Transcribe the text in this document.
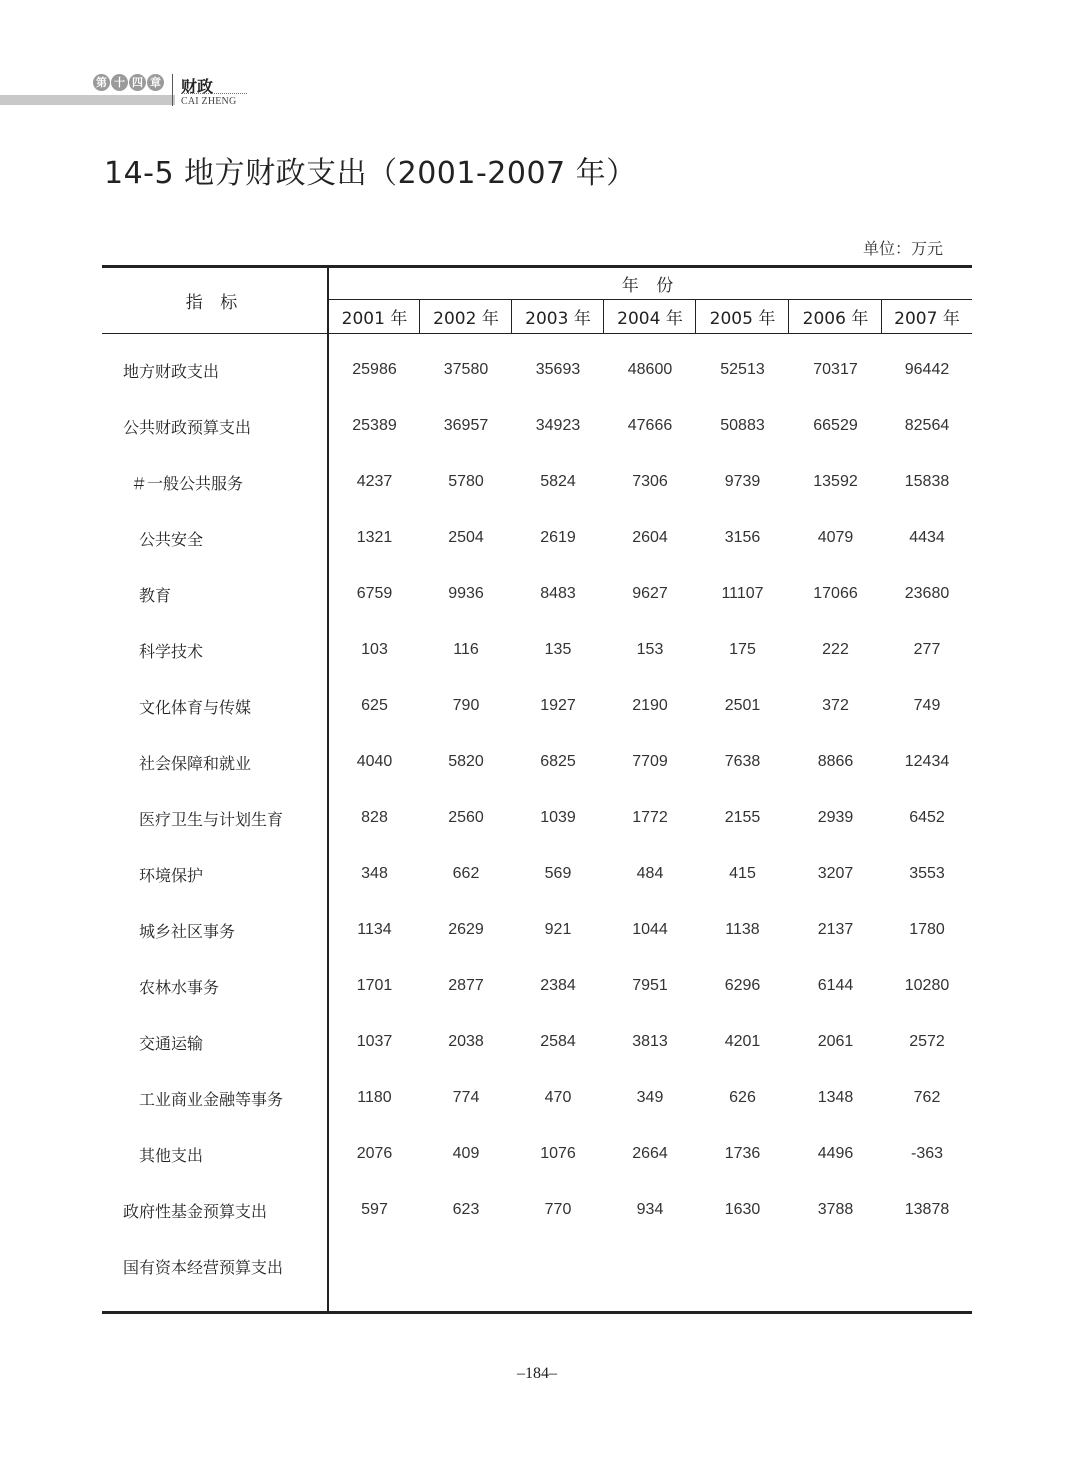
第 十 四 章 财政
CAI ZHENG
14-5 地方财政支出（2001-2007 年）
单位：万元
指 标
年 份
2001 年	2002 年	2003 年	2004 年	2005 年	2006 年	2007 年
地方财政支出	25986	37580	35693	48600	52513	70317	96442
公共财政预算支出	25389	36957	34923	47666	50883	66529	82564
＃一般公共服务	4237	5780	5824	7306	9739	13592	15838
公共安全	1321	2504	2619	2604	3156	4079	4434
教育	6759	9936	8483	9627	11107	17066	23680
科学技术	103	116	135	153	175	222	277
文化体育与传媒	625	790	1927	2190	2501	372	749
社会保障和就业	4040	5820	6825	7709	7638	8866	12434
医疗卫生与计划生育	828	2560	1039	1772	2155	2939	6452
环境保护	348	662	569	484	415	3207	3553
城乡社区事务	1134	2629	921	1044	1138	2137	1780
农林水事务	1701	2877	2384	7951	6296	6144	10280
交通运输	1037	2038	2584	3813	4201	2061	2572
工业商业金融等事务	1180	774	470	349	626	1348	762
其他支出	2076	409	1076	2664	1736	4496	-363
政府性基金预算支出	597	623	770	934	1630	3788	13878
国有资本经营预算支出
–184–
